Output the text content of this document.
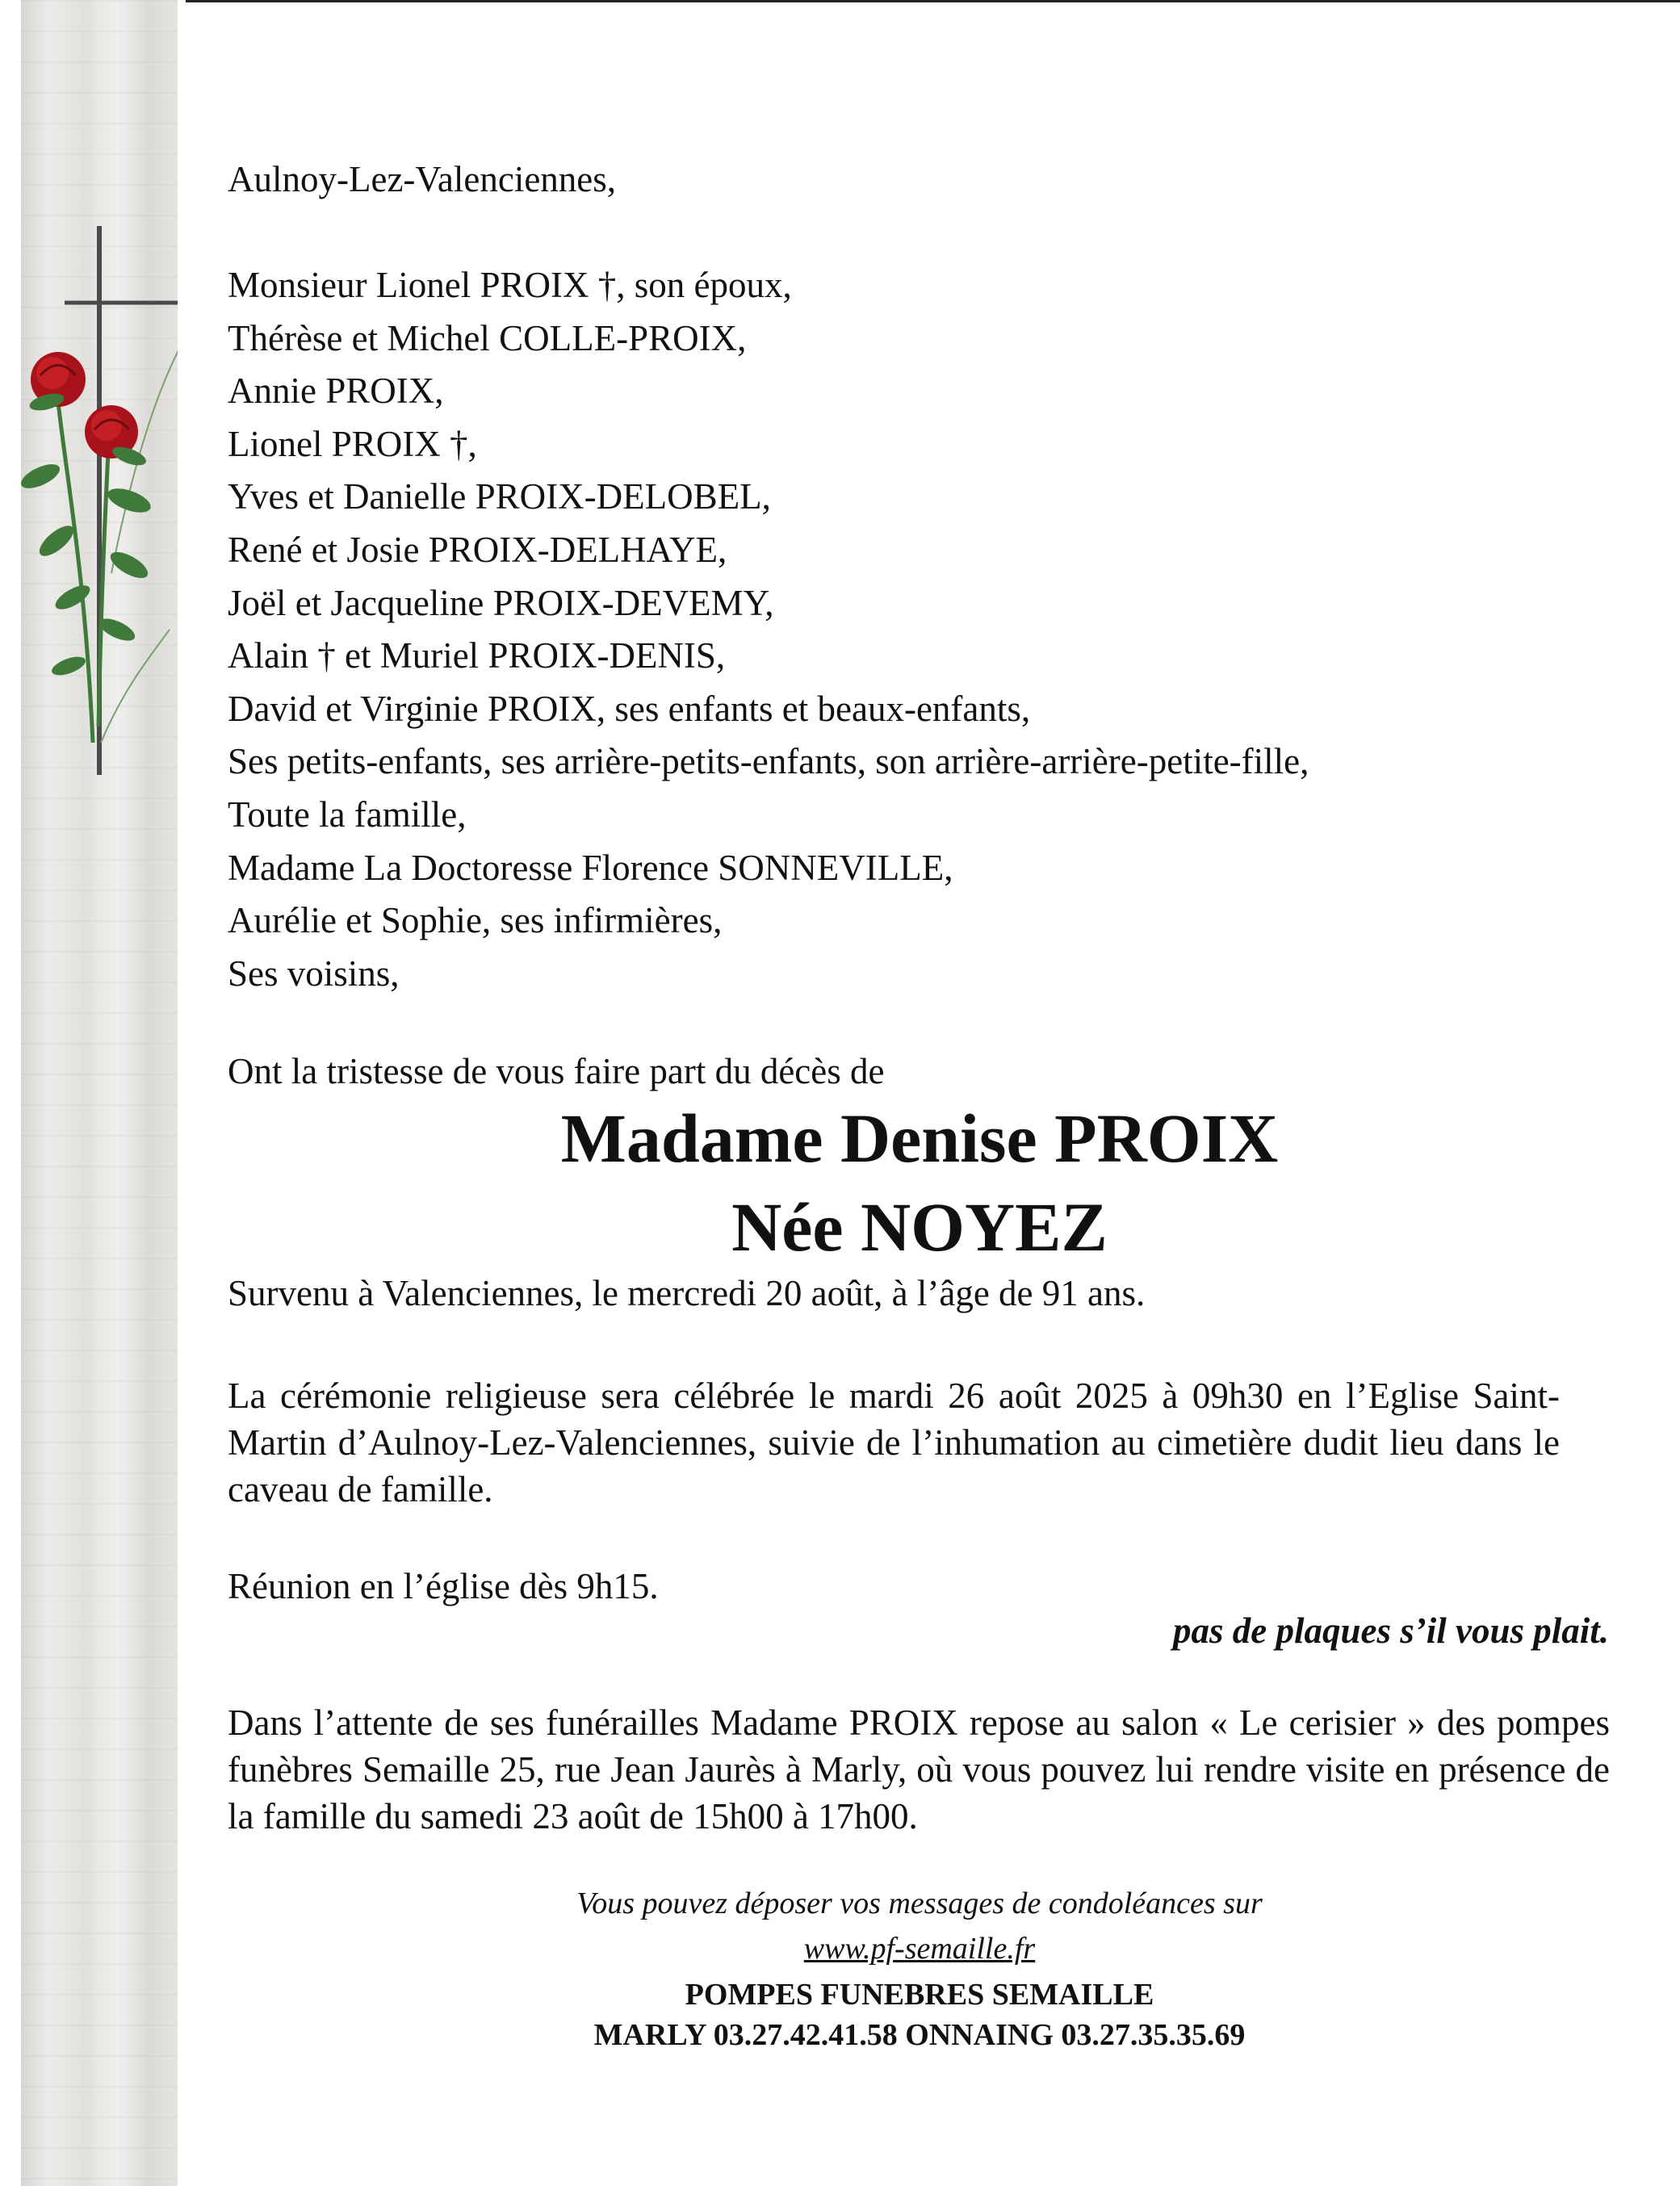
Aulnoy-Lez-Valenciennes,
Monsieur Lionel PROIX †, son époux,
Thérèse et Michel COLLE-PROIX,
Annie PROIX,
Lionel PROIX †,
Yves et Danielle PROIX-DELOBEL,
René et Josie PROIX-DELHAYE,
Joël et Jacqueline PROIX-DEVEMY,
Alain † et Muriel PROIX-DENIS,
David et Virginie PROIX, ses enfants et beaux-enfants,
Ses petits-enfants, ses arrière-petits-enfants, son arrière-arrière-petite-fille,
Toute la famille,
Madame La Doctoresse Florence SONNEVILLE,
Aurélie et Sophie, ses infirmières,
Ses voisins,
Ont la tristesse de vous faire part du décès de
Madame Denise PROIX
Née NOYEZ
Survenu à Valenciennes, le mercredi 20 août, à l’âge de 91 ans.
La cérémonie religieuse sera célébrée le mardi 26 août 2025 à 09h30 en l’Eglise Saint-Martin d’Aulnoy-Lez-Valenciennes, suivie de l’inhumation au cimetière dudit lieu dans le caveau de famille.
Réunion en l’église dès 9h15.
pas de plaques s’il vous plait.
Dans l’attente de ses funérailles Madame PROIX repose au salon « Le cerisier » des pompes funèbres Semaille 25, rue Jean Jaurès à Marly, où vous pouvez lui rendre visite en présence de la famille du samedi 23 août de 15h00 à 17h00.
Vous pouvez déposer vos messages de condoléances sur
www.pf-semaille.fr
POMPES FUNEBRES SEMAILLE
MARLY 03.27.42.41.58 ONNAING 03.27.35.35.69
